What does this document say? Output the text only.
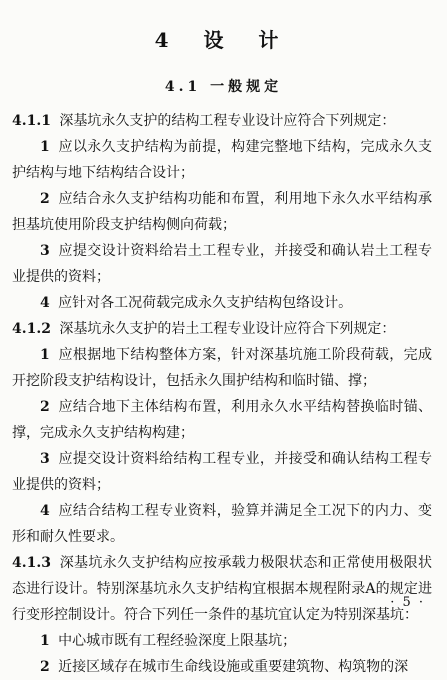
4 设 计
4.1 一般规定

4.1.1 深基坑永久支护的结构工程专业设计应符合下列规定：

1 应以永久支护结构为前提，构建完整地下结构，完成永久支护结构与地下结构结合设计；

2 应结合永久支护结构功能和布置，利用地下永久水平结构承担基坑使用阶段支护结构侧向荷载；

3 应提交设计资料给岩土工程专业，并接受和确认岩土工程专业提供的资料；

4 应针对各工况荷载完成永久支护结构包络设计。

4.1.2 深基坑永久支护的岩土工程专业设计应符合下列规定：

1 应根据地下结构整体方案，针对深基坑施工阶段荷载，完成开挖阶段支护结构设计，包括永久围护结构和临时锚、撑；

2 应结合地下主体结构布置，利用永久水平结构替换临时锚、撑，完成永久支护结构构建；

3 应提交设计资料给结构工程专业，并接受和确认结构工程专业提供的资料；

4 应结合结构工程专业资料，验算并满足全工况下的内力、变形和耐久性要求。

4.1.3 深基坑永久支护结构应按承载力极限状态和正常使用极限状态进行设计。特别深基坑永久支护结构宜根据本规程附录A的规定进行变形控制设计。符合下列任一条件的基坑宜认定为特别深基坑：

1 中心城市既有工程经验深度上限基坑；

2 近接区域存在城市生命线设施或重要建筑物、构筑物的深

· 5 ·
